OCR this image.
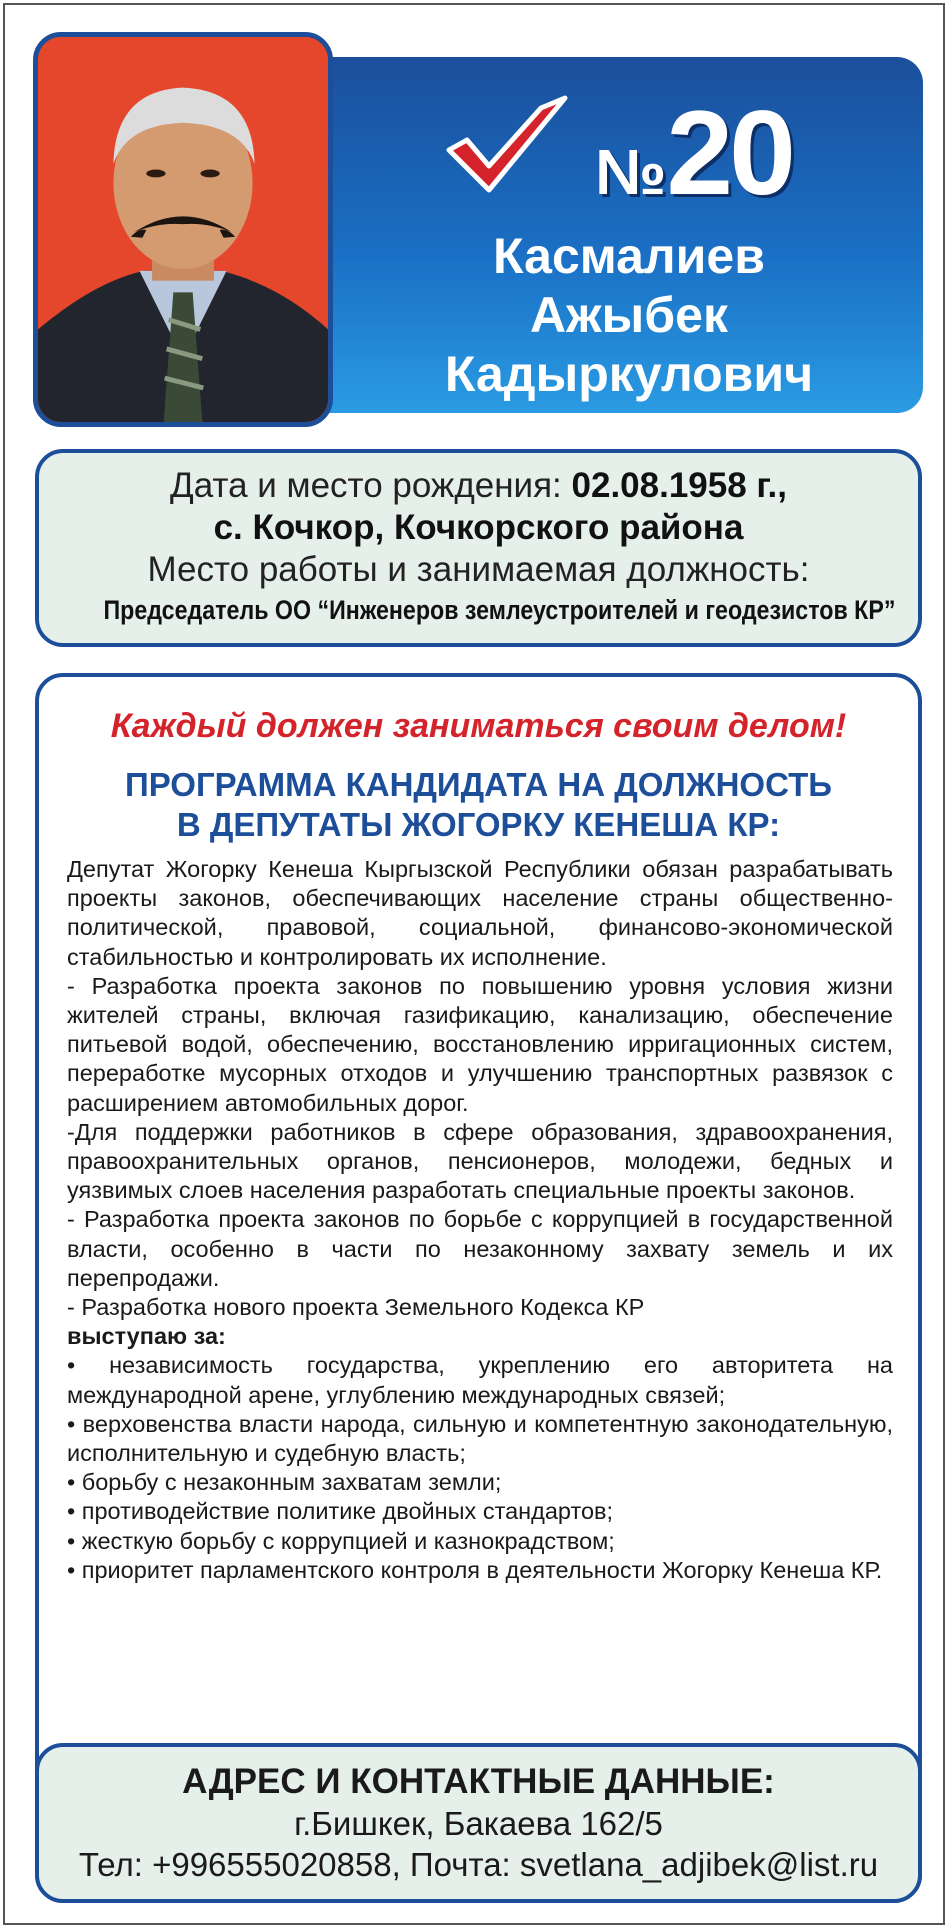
№20
Касмалиев
Ажыбек
Кадыркулович
Дата и место рождения: 02.08.1958 г.,
с. Кочкор, Кочкорского района
Место работы и занимаемая должность:
Председатель ОО “Инженеров землеустроителей и геодезистов КР”
Каждый должен заниматься своим делом!
ПРОГРАММА КАНДИДАТА НА ДОЛЖНОСТЬ
В ДЕПУТАТЫ ЖОГОРКУ КЕНЕША КР:

Депутат Жогорку Кенеша Кыргызской Республики обязан разрабатывать проекты законов, обеспечивающих население страны общественно-политической, правовой, социальной, финансово-экономической стабильностью и контролировать их исполнение.

- Разработка проекта законов по повышению уровня условия жизни жителей страны, включая газификацию, канализацию, обеспечение питьевой водой, обеспечению, восстановлению ирригационных систем, переработке мусорных отходов и улучшению транспортных развязок с расширением автомобильных дорог.

-Для поддержки работников в сфере образования, здравоохранения, правоохранительных органов, пенсионеров, молодежи, бедных и уязвимых слоев населения разработать специальные проекты законов.

- Разработка проекта законов по борьбе с коррупцией в государственной власти, особенно в части по незаконному захвату земель и их перепродажи.

- Разработка нового проекта Земельного Кодекса КР

выступаю за:

• независимость государства, укреплению его авторитета на международной арене, углублению международных связей;

• верховенства власти народа, сильную и компетентную законодательную, исполнительную и судебную власть;

• борьбу с незаконным захватам земли;

• противодействие политике двойных стандартов;

• жесткую борьбу с коррупцией и казнокрадством;

• приоритет парламентского контроля в деятельности Жогорку Кенеша КР.

АДРЕС И КОНТАКТНЫЕ ДАННЫЕ:
г.Бишкек, Бакаева 162/5
Тел: +996555020858, Почта: svetlana_adjibek@list.ru
